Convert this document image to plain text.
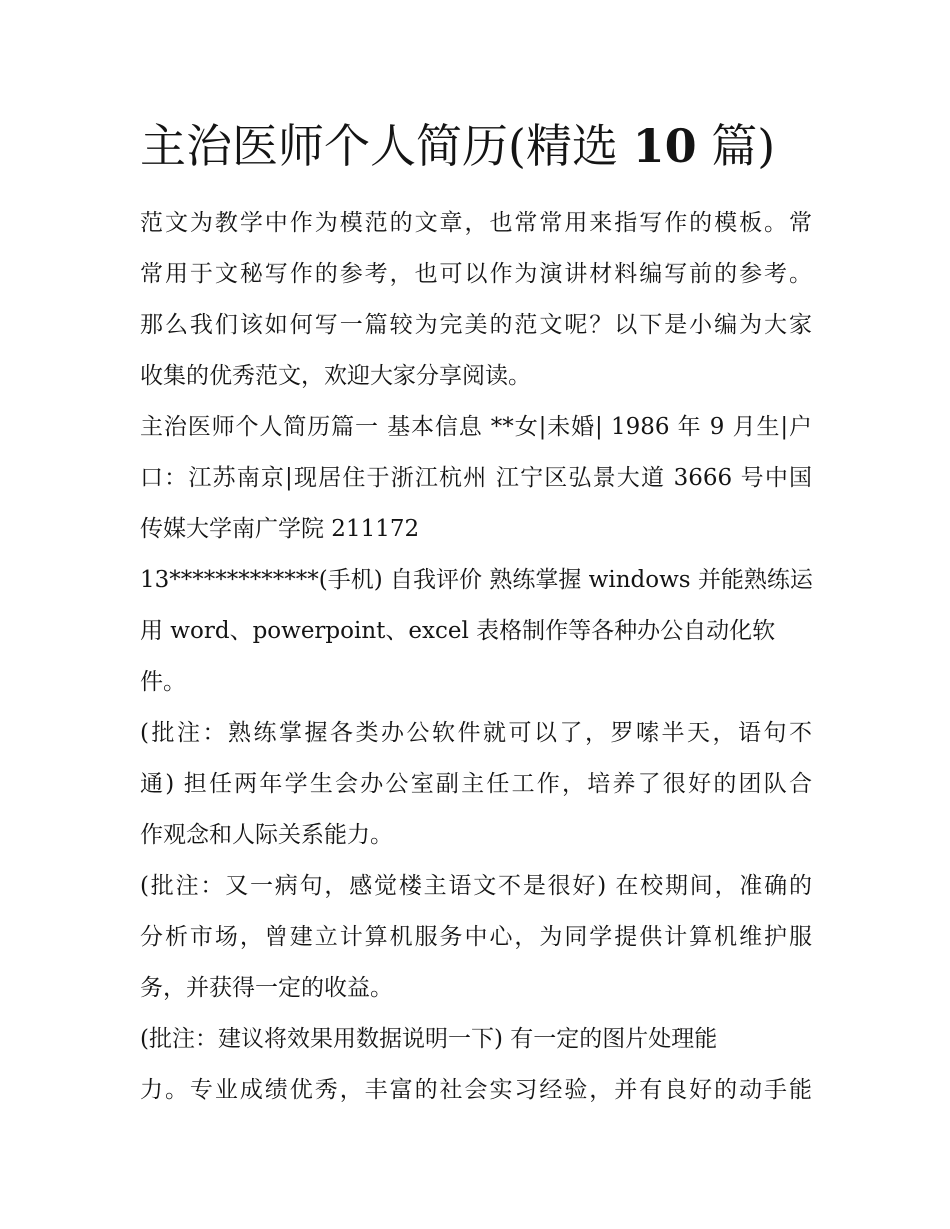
主治医师个人简历(精选 10 篇)
范文为教学中作为模范的文章，也常常用来指写作的模板。常
常用于文秘写作的参考，也可以作为演讲材料编写前的参考。
那么我们该如何写一篇较为完美的范文呢？以下是小编为大家
收集的优秀范文，欢迎大家分享阅读。
主治医师个人简历篇一 基本信息 **女|未婚| 1986 年 9 月生|户
口：江苏南京|现居住于浙江杭州 江宁区弘景大道 3666 号中国
传媒大学南广学院 211172
13*************(手机) 自我评价 熟练掌握 windows 并能熟练运
用 word、powerpoint、excel 表格制作等各种办公自动化软
件。
(批注：熟练掌握各类办公软件就可以了，罗嗦半天，语句不
通) 担任两年学生会办公室副主任工作，培养了很好的团队合
作观念和人际关系能力。
(批注：又一病句，感觉楼主语文不是很好) 在校期间，准确的
分析市场，曾建立计算机服务中心，为同学提供计算机维护服
务，并获得一定的收益。
(批注：建议将效果用数据说明一下) 有一定的图片处理能
力。专业成绩优秀，丰富的社会实习经验，并有良好的动手能
